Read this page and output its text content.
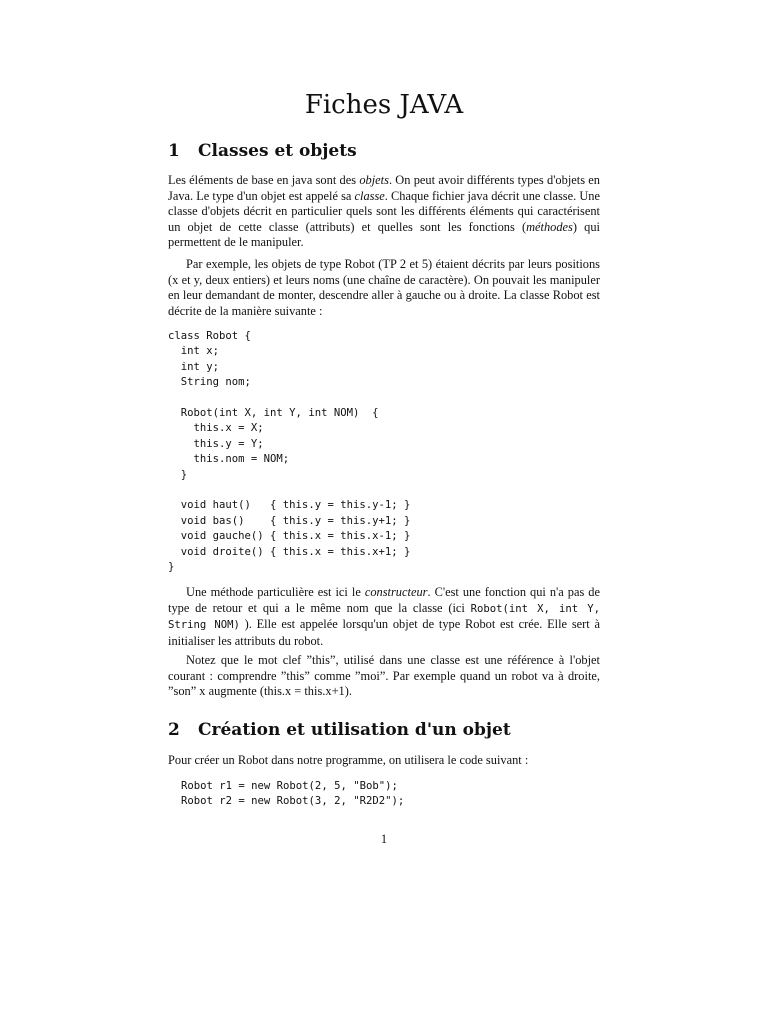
Fiches JAVA
1 Classes et objets

Les éléments de base en java sont des objets. On peut avoir différents types d'objets en Java. Le type d'un objet est appelé sa classe. Chaque fichier java décrit une classe. Une classe d'objets décrit en particulier quels sont les différents éléments qui caractérisent un objet de cette classe (attributs) et quelles sont les fonctions (méthodes) qui permettent de le manipuler.

Par exemple, les objets de type Robot (TP 2 et 5) étaient décrits par leurs positions (x et y, deux entiers) et leurs noms (une chaîne de caractère). On pouvait les manipuler en leur demandant de monter, descendre aller à gauche ou à droite. La classe Robot est décrite de la manière suivante :

class Robot {
int x;
int y;
String nom;

Robot(int X, int Y, int NOM)  {
this.x = X;
this.y = Y;
this.nom = NOM;
}

void haut()   { this.y = this.y-1; }
void bas()    { this.y = this.y+1; }
void gauche() { this.x = this.x-1; }
void droite() { this.x = this.x+1; }
}

Une méthode particulière est ici le constructeur. C'est une fonction qui n'a pas de type de retour et qui a le même nom que la classe (ici Robot(int X, int Y, String NOM) ). Elle est appelée lorsqu'un objet de type Robot est crée. Elle sert à initialiser les attributs du robot.

Notez que le mot clef ”this”, utilisé dans une classe est une référence à l'objet courant : comprendre ”this” comme ”moi”. Par exemple quand un robot va à droite, ”son” x augmente (this.x = this.x+1).

2 Création et utilisation d'un objet

Pour créer un Robot dans notre programme, on utilisera le code suivant :

Robot r1 = new Robot(2, 5, "Bob");
Robot r2 = new Robot(3, 2, "R2D2");
1
